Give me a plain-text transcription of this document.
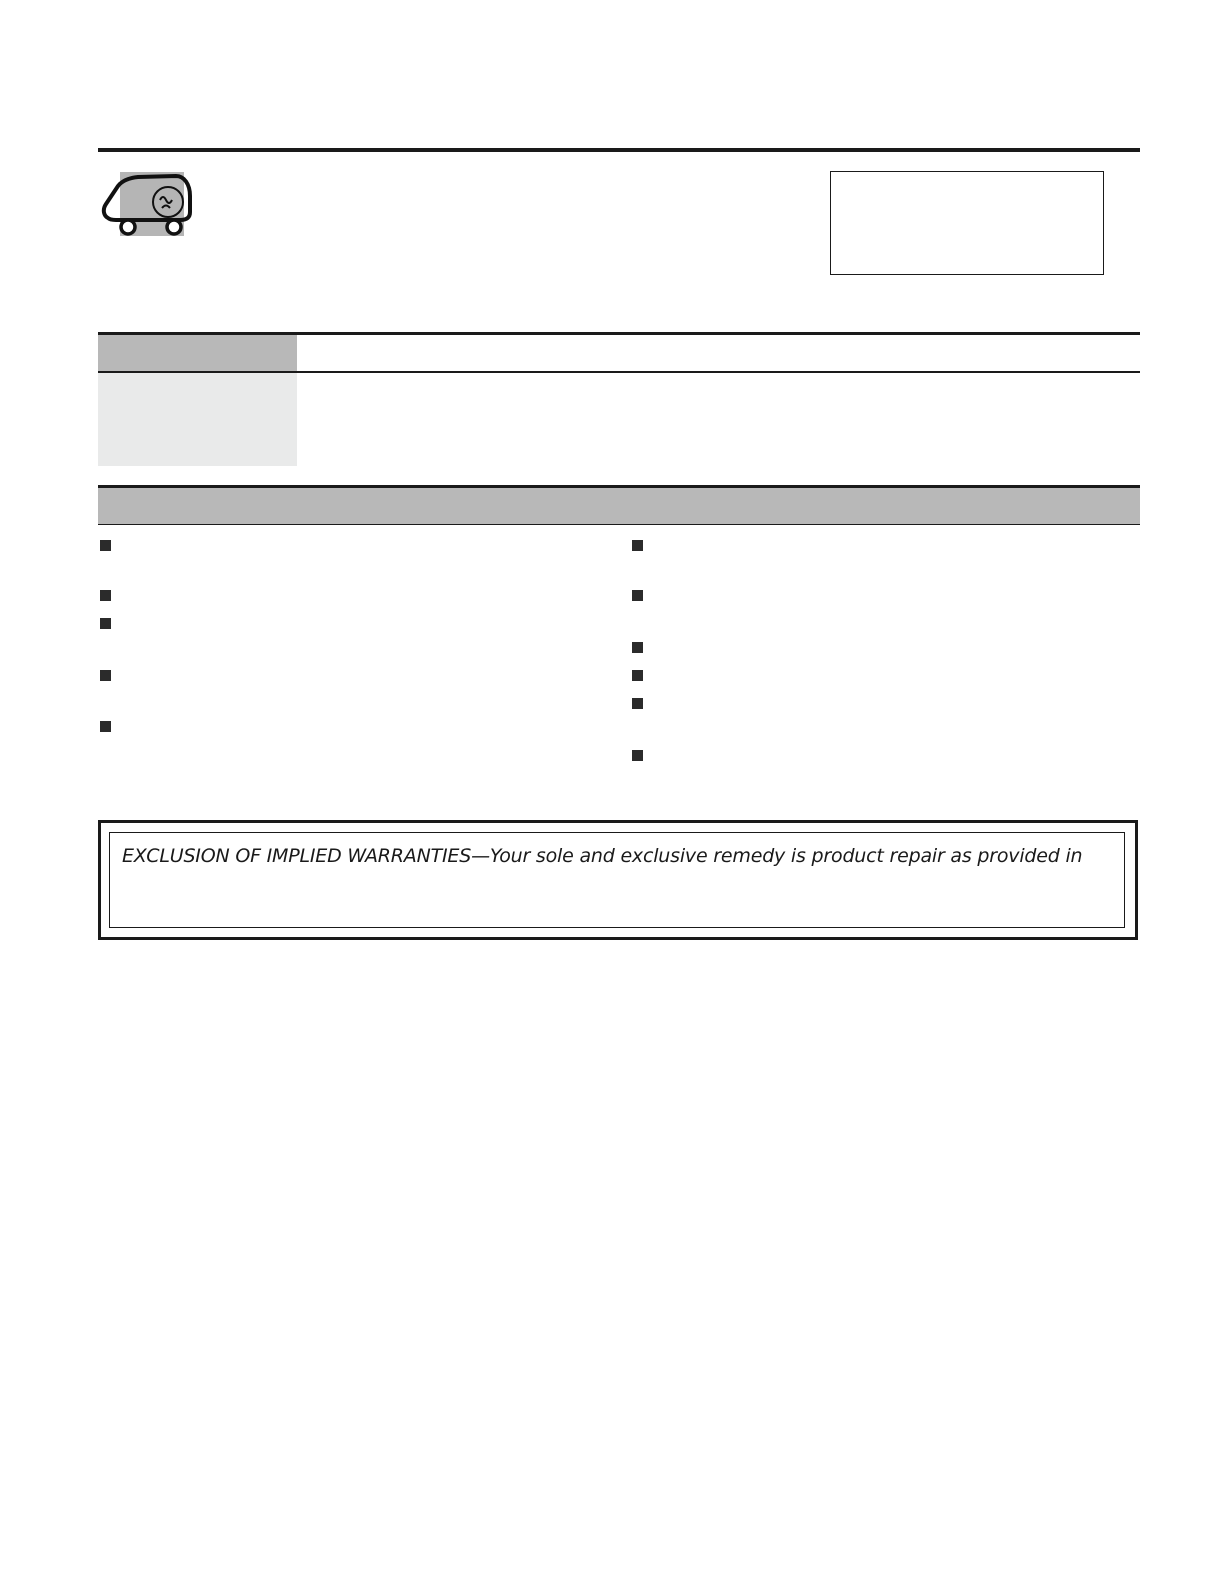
EXCLUSION OF IMPLIED WARRANTIES—Your sole and exclusive remedy is product repair as provided in
